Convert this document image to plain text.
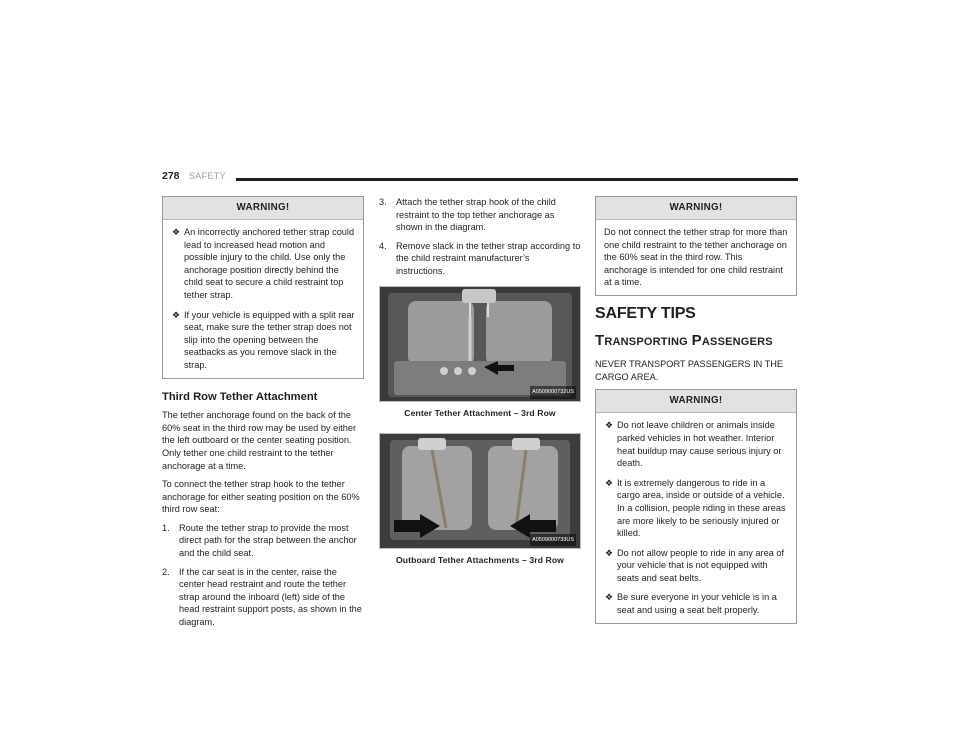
278 SAFETY
WARNING!
❖ An incorrectly anchored tether strap could lead to increased head motion and possible injury to the child. Use only the anchorage position directly behind the child seat to secure a child restraint top tether strap.
❖ If your vehicle is equipped with a split rear seat, make sure the tether strap does not slip into the opening between the seatbacks as you remove slack in the strap.
Third Row Tether Attachment

The tether anchorage found on the back of the 60% seat in the third row may be used by either the left outboard or the center seating position. Only tether one child restraint to the tether anchorage at a time.

To connect the tether strap hook to the tether anchorage for either seating position on the 60% third row seat:

1. Route the tether strap to provide the most direct path for the strap between the anchor and the child seat.
2. If the car seat is in the center, raise the center head restraint and route the tether strap around the inboard (left) side of the head restraint support posts, as shown in the diagram.
3. Attach the tether strap hook of the child restraint to the top tether anchorage as shown in the diagram.
4. Remove slack in the tether strap according to the child restraint manufacturer’s instructions.
A0509000732US
Center Tether Attachment – 3rd Row
A0509000733US
Outboard Tether Attachments – 3rd Row
WARNING!

Do not connect the tether strap for more than one child restraint to the tether anchorage on the 60% seat in the third row. This anchorage is intended for one child restraint at a time.

SAFETY TIPS
TRANSPORTING PASSENGERS

NEVER TRANSPORT PASSENGERS IN THE CARGO AREA.

WARNING!
❖ Do not leave children or animals inside parked vehicles in hot weather. Interior heat buildup may cause serious injury or death.
❖ It is extremely dangerous to ride in a cargo area, inside or outside of a vehicle. In a collision, people riding in these areas are more likely to be seriously injured or killed.
❖ Do not allow people to ride in any area of your vehicle that is not equipped with seats and seat belts.
❖ Be sure everyone in your vehicle is in a seat and using a seat belt properly.
